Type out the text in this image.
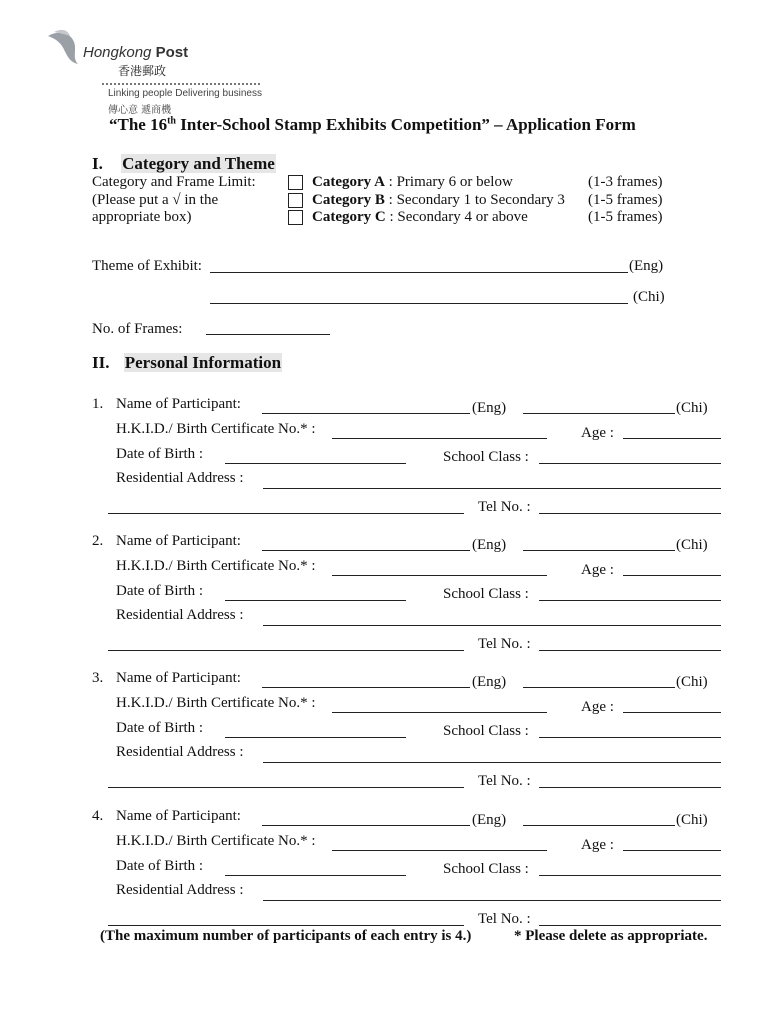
Hongkong Post
香港郵政
Linking people Delivering business
傳心意 遞商機
“The 16th Inter-School Stamp Exhibits Competition” – Application Form
I. Category and Theme
Category and Frame Limit:
(Please put a √ in the
appropriate box)
Category A : Primary 6 or below	(1-3 frames)
Category B : Secondary 1 to Secondary 3 (1-5 frames)
Category C : Secondary 4 or above	(1-5 frames)
Theme of Exhibit:	(Eng)
(Chi)
No. of Frames:
II. Personal Information
1. Name of Participant:	(Eng)	(Chi)
H.K.I.D./ Birth Certificate No.* :	Age :
Date of Birth :	School Class :
Residential Address :
Tel No. :
2. Name of Participant:	(Eng)	(Chi)
H.K.I.D./ Birth Certificate No.* :	Age :
Date of Birth :	School Class :
Residential Address :
Tel No. :
3. Name of Participant:	(Eng)	(Chi)
H.K.I.D./ Birth Certificate No.* :	Age :
Date of Birth :	School Class :
Residential Address :
Tel No. :
4. Name of Participant:	(Eng)	(Chi)
H.K.I.D./ Birth Certificate No.* :	Age :
Date of Birth :	School Class :
Residential Address :
Tel No. :
(The maximum number of participants of each entry is 4.)	* Please delete as appropriate.
